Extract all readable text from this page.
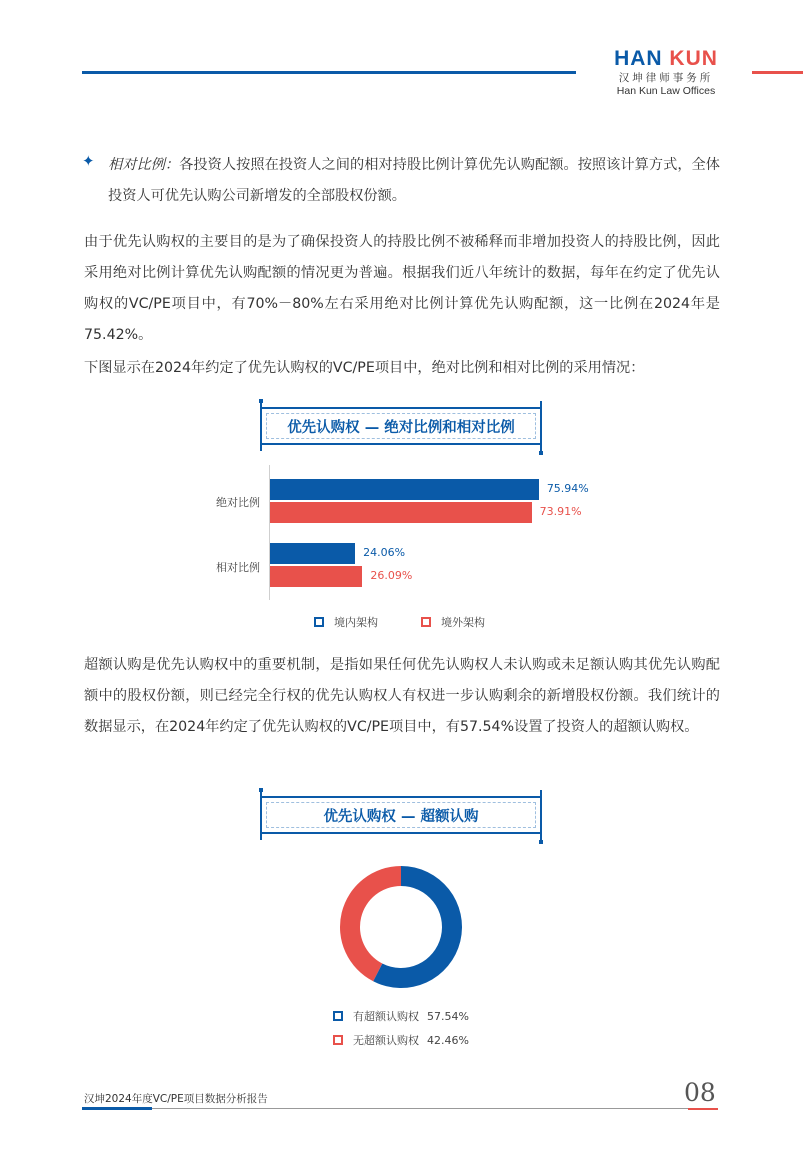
HAN KUN
汉坤律师事务所
Han Kun Law Offices
✦ 相对比例：各投资人按照在投资人之间的相对持股比例计算优先认购配额。按照该计算方式，全体投资人可优先认购公司新增发的全部股权份额。
由于优先认购权的主要目的是为了确保投资人的持股比例不被稀释而非增加投资人的持股比例，因此采用绝对比例计算优先认购配额的情况更为普遍。根据我们近八年统计的数据，每年在约定了优先认购权的VC/PE项目中，有70%－80%左右采用绝对比例计算优先认购配额，这一比例在2024年是75.42%。
下图显示在2024年约定了优先认购权的VC/PE项目中，绝对比例和相对比例的采用情况：
优先认购权 — 绝对比例和相对比例
绝对比例
相对比例
75.94%
73.91%
24.06%
26.09%
境内架构	境外架构
超额认购是优先认购权中的重要机制，是指如果任何优先认购权人未认购或未足额认购其优先认购配额中的股权份额，则已经完全行权的优先认购权人有权进一步认购剩余的新增股权份额。我们统计的数据显示，在2024年约定了优先认购权的VC/PE项目中，有57.54%设置了投资人的超额认购权。
优先认购权 — 超额认购
有超额认购权 57.54%
无超额认购权 42.46%
汉坤2024年度VC/PE项目数据分析报告	08
